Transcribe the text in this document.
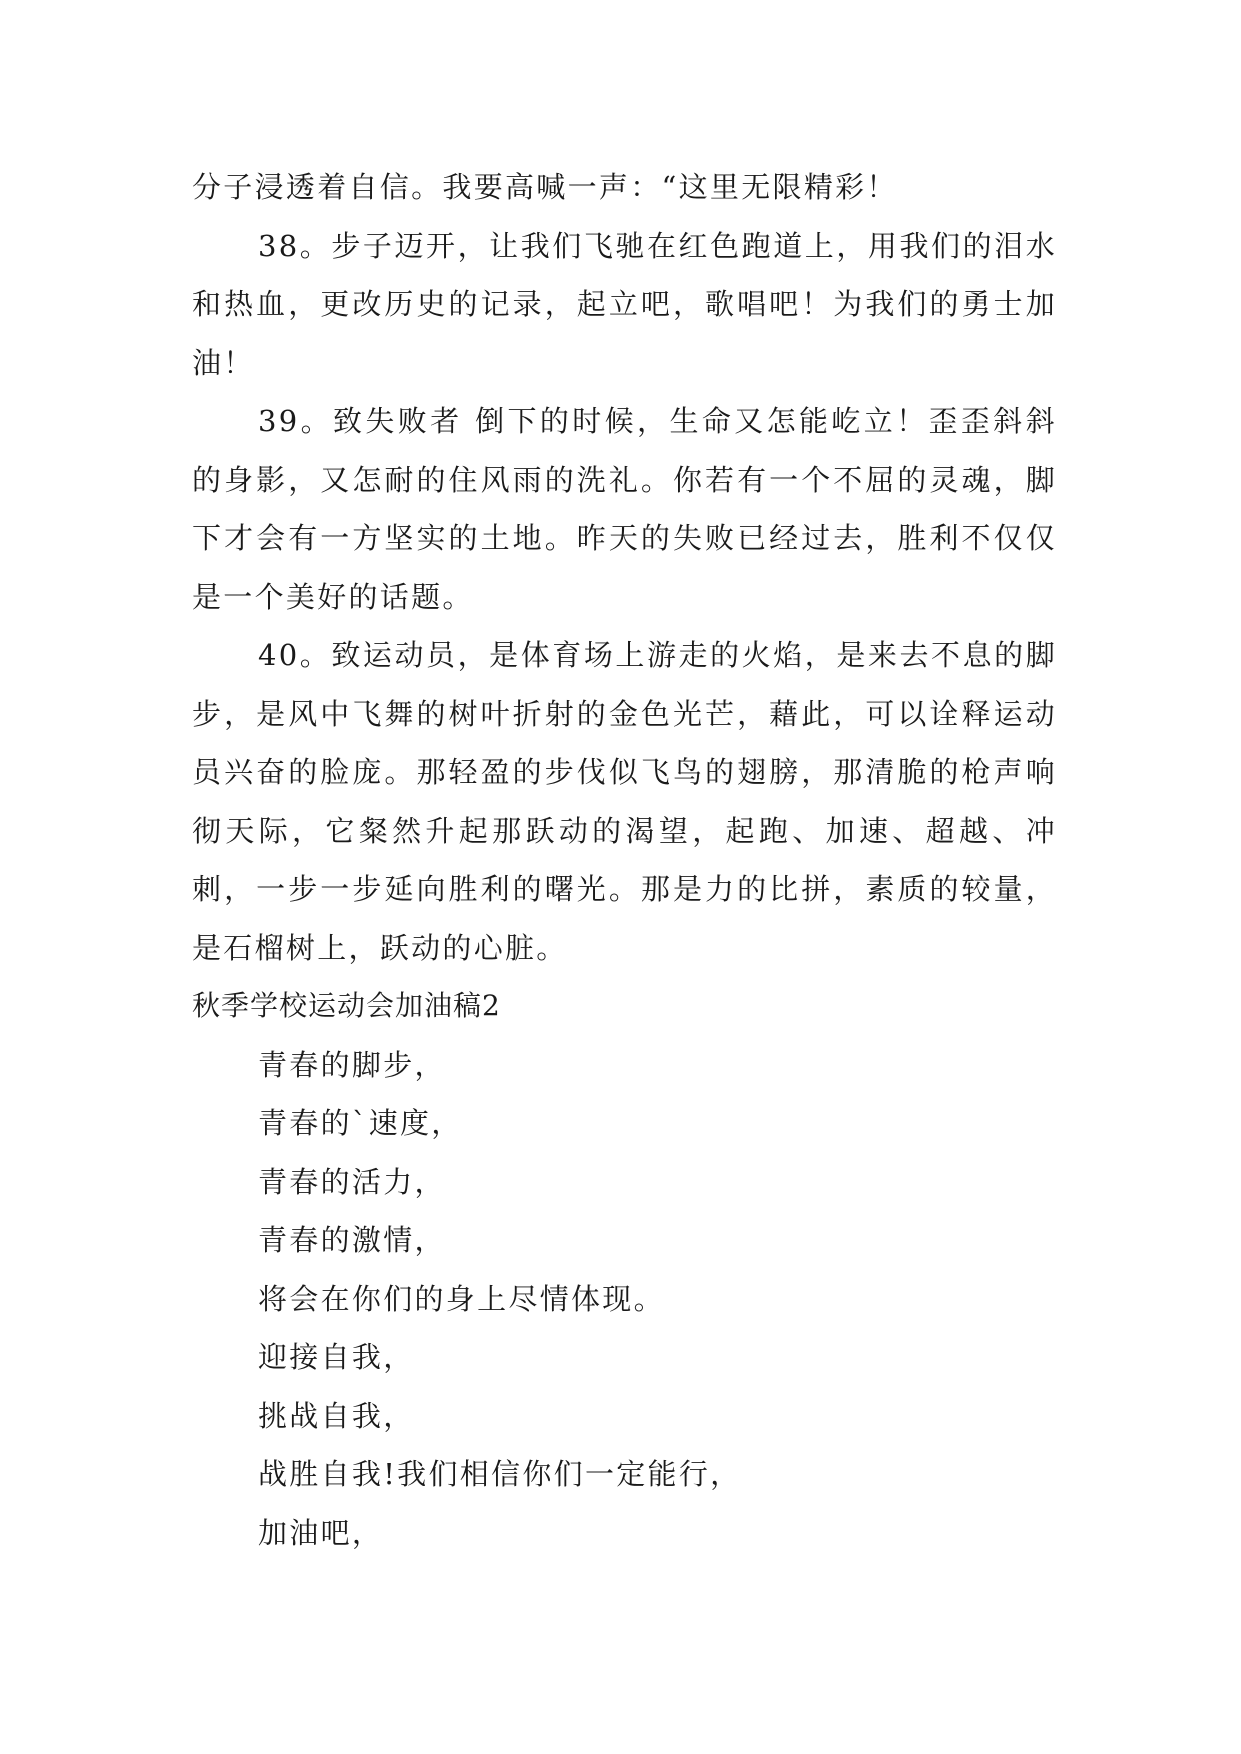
分子浸透着自信。我要高喊一声：“这里无限精彩！

38。步子迈开，让我们飞驰在红色跑道上，用我们的泪水和热血，更改历史的记录，起立吧，歌唱吧！为我们的勇士加油！

39。致失败者 倒下的时候，生命又怎能屹立！歪歪斜斜的身影，又怎耐的住风雨的洗礼。你若有一个不屈的灵魂，脚下才会有一方坚实的土地。昨天的失败已经过去，胜利不仅仅是一个美好的话题。

40。致运动员，是体育场上游走的火焰，是来去不息的脚步，是风中飞舞的树叶折射的金色光芒，藉此，可以诠释运动员兴奋的脸庞。那轻盈的步伐似飞鸟的翅膀，那清脆的枪声响彻天际，它粲然升起那跃动的渴望，起跑、加速、超越、冲刺，一步一步延向胜利的曙光。那是力的比拼，素质的较量，是石榴树上，跃动的心脏。

秋季学校运动会加油稿2

青春的脚步，

青春的`速度，

青春的活力，

青春的激情，

将会在你们的身上尽情体现。

迎接自我，

挑战自我，

战胜自我!我们相信你们一定能行，

加油吧，
